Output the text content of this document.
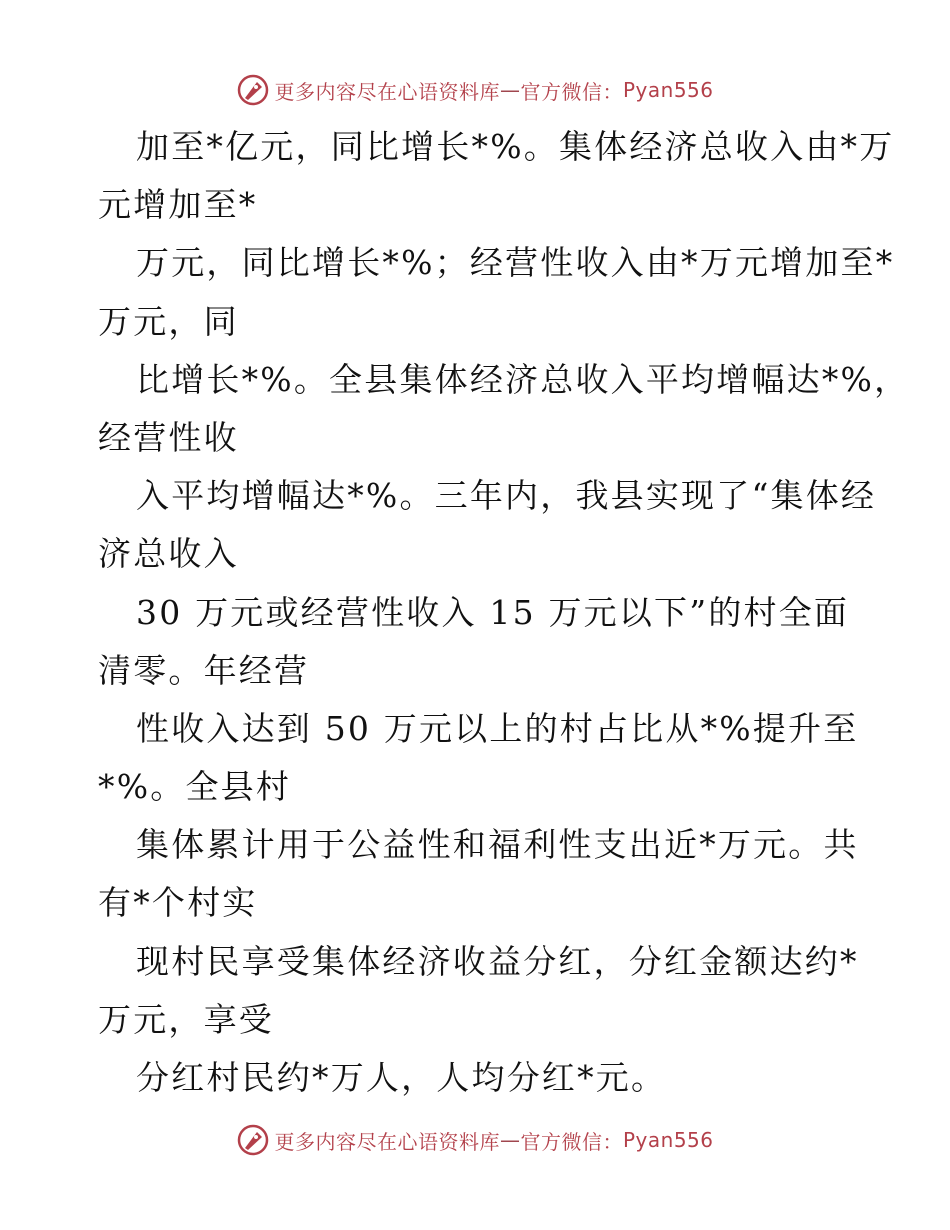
更多内容尽在心语资料库 — 官方微信： Pyan556
加至*亿元，同比增长*%。集体经济总收入由*万
元增加至*
万元，同比增长*%；经营性收入由*万元增加至*
万元，同
比增长*%。全县集体经济总收入平均增幅达*%，
经营性收
入平均增幅达*%。三年内，我县实现了“集体经
济总收入
30 万元或经营性收入 15 万元以下”的村全面
清零。年经营
性收入达到 50 万元以上的村占比从*%提升至
*%。全县村
集体累计用于公益性和福利性支出近*万元。共
有*个村实
现村民享受集体经济收益分红，分红金额达约*
万元，享受
分红村民约*万人，人均分红*元。
更多内容尽在心语资料库 — 官方微信： Pyan556
